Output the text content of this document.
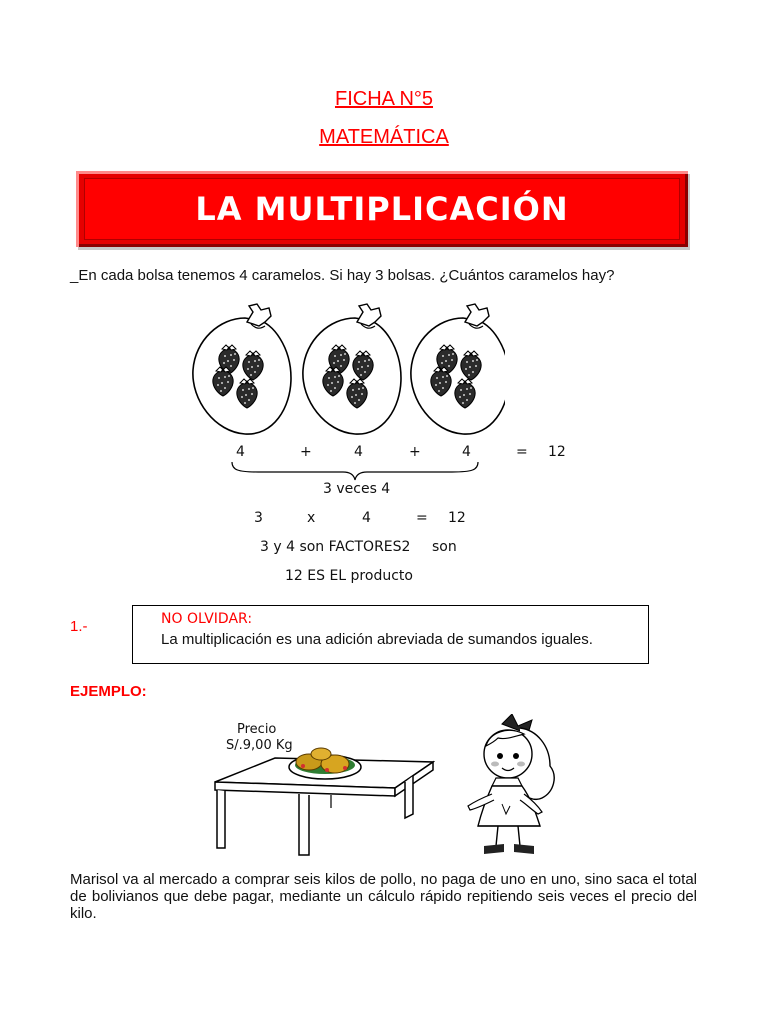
FICHA N°5
MATEMÁTICA
LA MULTIPLICACIÓN
_En cada bolsa tenemos 4 caramelos. Si hay 3 bolsas. ¿Cuántos caramelos hay?
4	+	4	+	4	= 12
3 veces 4
3	x	4	= 12
3 y 4 son FACTORES2 son
12 ES EL producto
1.-	NO OLVIDAR:
La multiplicación es una adición abreviada de sumandos iguales.
EJEMPLO:
Precio
S/.9,00 Kg
Marisol va al mercado a comprar seis kilos de pollo, no paga de uno en uno, sino saca el total de bolivianos que debe pagar, mediante un cálculo rápido repitiendo seis veces el precio del kilo.
